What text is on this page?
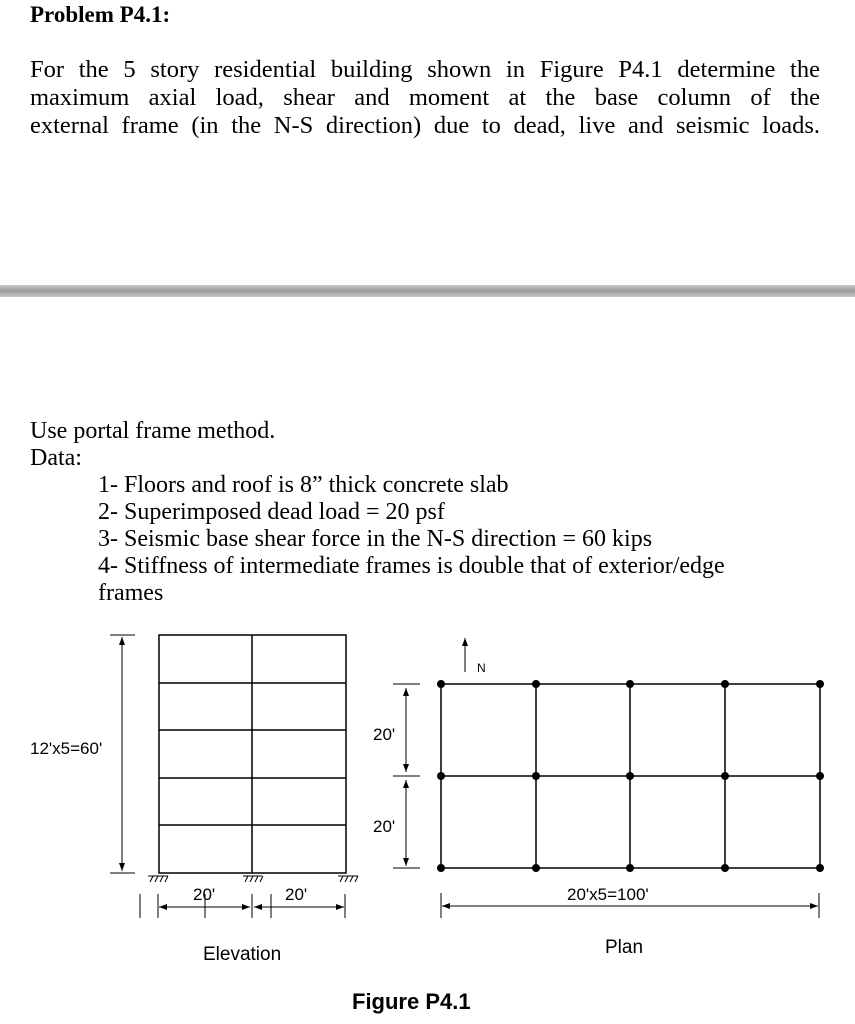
Problem P4.1:
For the 5 story residential building shown in Figure P4.1 determine the
maximum axial load, shear and moment at the base column of the
external frame (in the N-S direction) due to dead, live and seismic loads.
Use portal frame method.
Data:
1- Floors and roof is 8” thick concrete slab
2- Superimposed dead load = 20 psf
3- Seismic base shear force in the N-S direction = 60 kips
4- Stiffness of intermediate frames is double that of exterior/edge
frames
12'x5=60'
20'	20'
20'
20'
20'x5=100'
N
Elevation	Plan
Figure P4.1
